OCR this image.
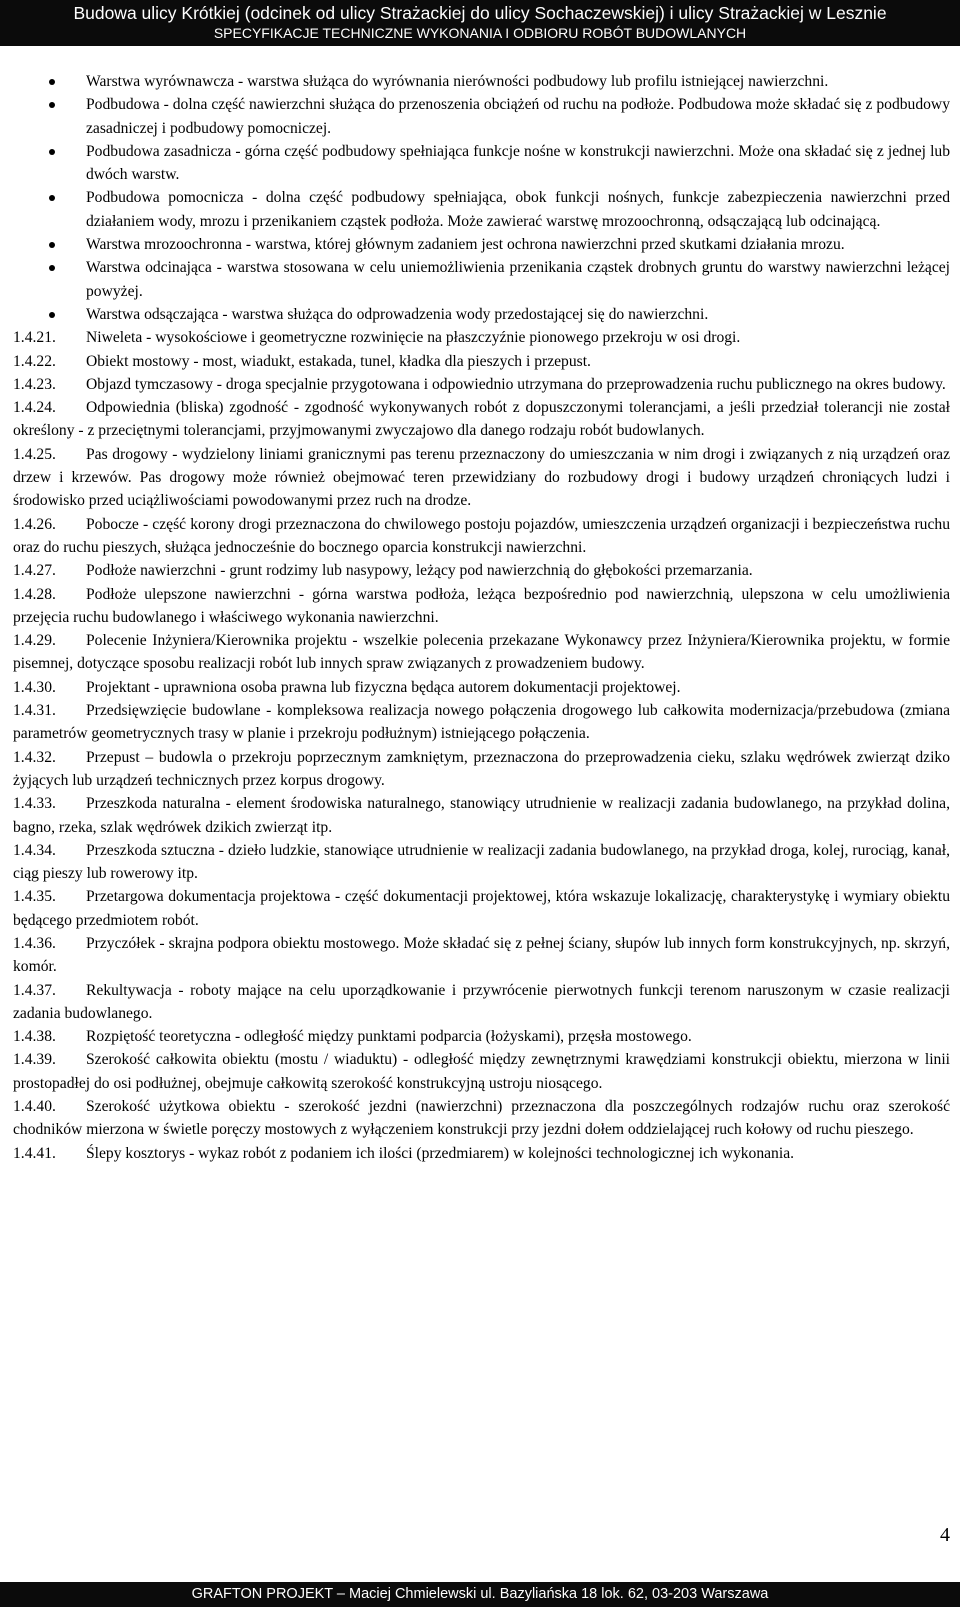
Budowa ulicy Krótkiej (odcinek od ulicy Strażackiej do ulicy Sochaczewskiej) i ulicy Strażackiej w Lesznie
SPECYFIKACJE TECHNICZNE WYKONANIA I ODBIORU ROBÓT BUDOWLANYCH
Warstwa wyrównawcza - warstwa służąca do wyrównania nierówności podbudowy lub profilu istniejącej nawierzchni.
Podbudowa - dolna część nawierzchni służąca do przenoszenia obciążeń od ruchu na podłoże. Podbudowa może składać się z podbudowy zasadniczej i podbudowy pomocniczej.
Podbudowa zasadnicza - górna część podbudowy spełniająca funkcje nośne w konstrukcji nawierzchni. Może ona składać się z jednej lub dwóch warstw.
Podbudowa pomocnicza - dolna część podbudowy spełniająca, obok funkcji nośnych, funkcje zabezpieczenia nawierzchni przed działaniem wody, mrozu i przenikaniem cząstek podłoża. Może zawierać warstwę mrozoochronną, odsączającą lub odcinającą.
Warstwa mrozoochronna - warstwa, której głównym zadaniem jest ochrona nawierzchni przed skutkami działania mrozu.
Warstwa odcinająca - warstwa stosowana w celu uniemożliwienia przenikania cząstek drobnych gruntu do warstwy nawierzchni leżącej powyżej.
Warstwa odsączająca - warstwa służąca do odprowadzenia wody przedostającej się do nawierzchni.

1.4.21. Niweleta - wysokościowe i geometryczne rozwinięcie na płaszczyźnie pionowego przekroju w osi drogi.

1.4.22. Obiekt mostowy - most, wiadukt, estakada, tunel, kładka dla pieszych i przepust.

1.4.23. Objazd tymczasowy - droga specjalnie przygotowana i odpowiednio utrzymana do przeprowadzenia ruchu publicznego na okres budowy.

1.4.24. Odpowiednia (bliska) zgodność - zgodność wykonywanych robót z dopuszczonymi tolerancjami, a jeśli przedział tolerancji nie został określony - z przeciętnymi tolerancjami, przyjmowanymi zwyczajowo dla danego rodzaju robót budowlanych.

1.4.25. Pas drogowy - wydzielony liniami granicznymi pas terenu przeznaczony do umieszczania w nim drogi i związanych z nią urządzeń oraz drzew i krzewów. Pas drogowy może również obejmować teren przewidziany do rozbudowy drogi i budowy urządzeń chroniących ludzi i środowisko przed uciążliwościami powodowanymi przez ruch na drodze.

1.4.26. Pobocze - część korony drogi przeznaczona do chwilowego postoju pojazdów, umieszczenia urządzeń organizacji i bezpieczeństwa ruchu oraz do ruchu pieszych, służąca jednocześnie do bocznego oparcia konstrukcji nawierzchni.

1.4.27. Podłoże nawierzchni - grunt rodzimy lub nasypowy, leżący pod nawierzchnią do głębokości przemarzania.

1.4.28. Podłoże ulepszone nawierzchni - górna warstwa podłoża, leżąca bezpośrednio pod nawierzchnią, ulepszona w celu umożliwienia przejęcia ruchu budowlanego i właściwego wykonania nawierzchni.

1.4.29. Polecenie Inżyniera/Kierownika projektu - wszelkie polecenia przekazane Wykonawcy przez Inżyniera/Kierownika projektu, w formie pisemnej, dotyczące sposobu realizacji robót lub innych spraw związanych z prowadzeniem budowy.

1.4.30. Projektant - uprawniona osoba prawna lub fizyczna będąca autorem dokumentacji projektowej.

1.4.31. Przedsięwzięcie budowlane - kompleksowa realizacja nowego połączenia drogowego lub całkowita modernizacja/przebudowa (zmiana parametrów geometrycznych trasy w planie i przekroju podłużnym) istniejącego połączenia.

1.4.32. Przepust – budowla o przekroju poprzecznym zamkniętym, przeznaczona do przeprowadzenia cieku, szlaku wędrówek zwierząt dziko żyjących lub urządzeń technicznych przez korpus drogowy.

1.4.33. Przeszkoda naturalna - element środowiska naturalnego, stanowiący utrudnienie w realizacji zadania budowlanego, na przykład dolina, bagno, rzeka, szlak wędrówek dzikich zwierząt itp.

1.4.34. Przeszkoda sztuczna - dzieło ludzkie, stanowiące utrudnienie w realizacji zadania budowlanego, na przykład droga, kolej, rurociąg, kanał, ciąg pieszy lub rowerowy itp.

1.4.35. Przetargowa dokumentacja projektowa - część dokumentacji projektowej, która wskazuje lokalizację, charakterystykę i wymiary obiektu będącego przedmiotem robót.

1.4.36. Przyczółek - skrajna podpora obiektu mostowego. Może składać się z pełnej ściany, słupów lub innych form konstrukcyjnych, np. skrzyń, komór.

1.4.37. Rekultywacja - roboty mające na celu uporządkowanie i przywrócenie pierwotnych funkcji terenom naruszonym w czasie realizacji zadania budowlanego.

1.4.38. Rozpiętość teoretyczna - odległość między punktami podparcia (łożyskami), przęsła mostowego.

1.4.39. Szerokość całkowita obiektu (mostu / wiaduktu) - odległość między zewnętrznymi krawędziami konstrukcji obiektu, mierzona w linii prostopadłej do osi podłużnej, obejmuje całkowitą szerokość konstrukcyjną ustroju niosącego.

1.4.40. Szerokość użytkowa obiektu - szerokość jezdni (nawierzchni) przeznaczona dla poszczególnych rodzajów ruchu oraz szerokość chodników mierzona w świetle poręczy mostowych z wyłączeniem konstrukcji przy jezdni dołem oddzielającej ruch kołowy od ruchu pieszego.

1.4.41. Ślepy kosztorys - wykaz robót z podaniem ich ilości (przedmiarem) w kolejności technologicznej ich wykonania.

4
GRAFTON PROJEKT – Maciej Chmielewski ul. Bazyliańska 18 lok. 62, 03-203 Warszawa
